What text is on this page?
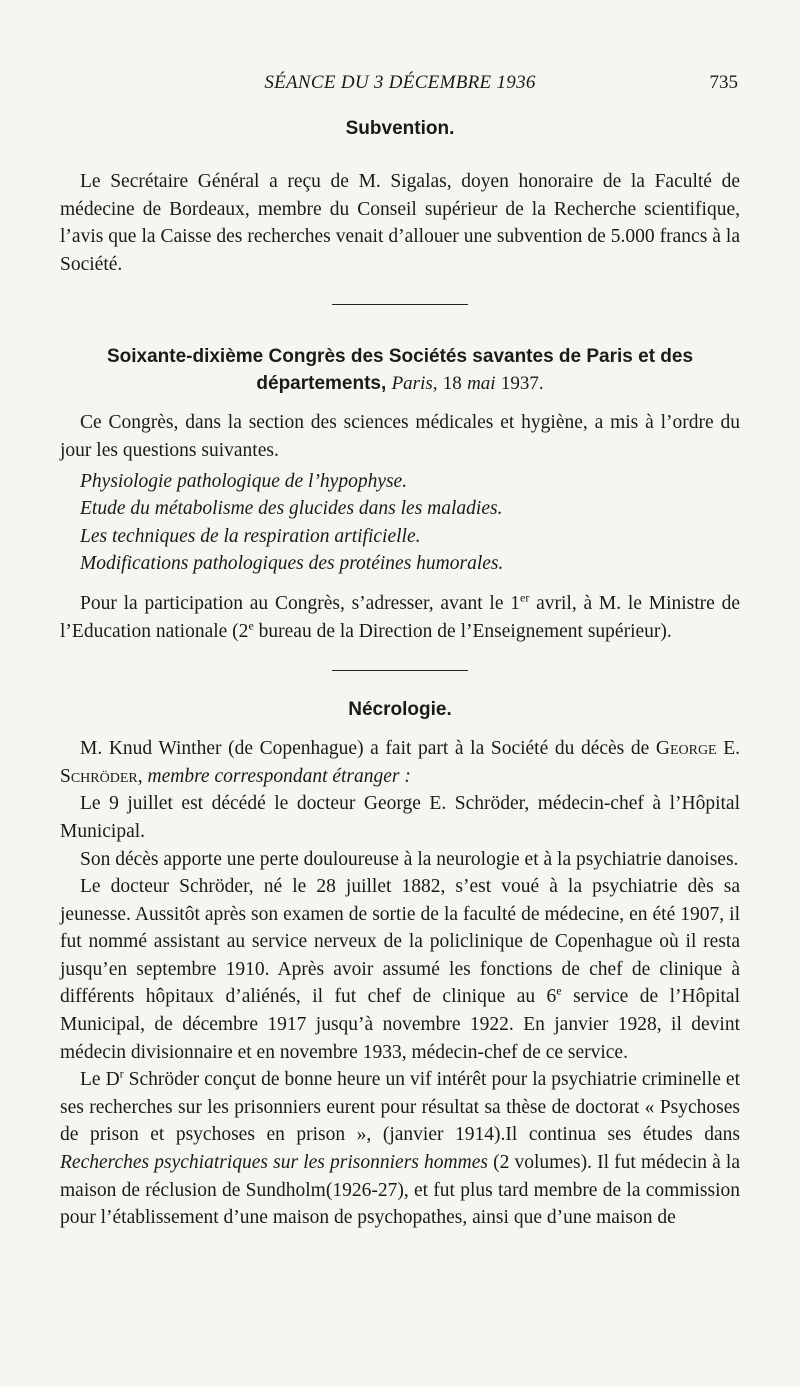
SÉANCE DU 3 DÉCEMBRE 1936	735
Subvention.

Le Secrétaire Général a reçu de M. Sigalas, doyen honoraire de la Faculté de médecine de Bordeaux, membre du Conseil supérieur de la Recherche scientifique, l’avis que la Caisse des recherches venait d’allouer une subvention de 5.000 francs à la Société.

Soixante-dixième Congrès des Sociétés savantes de Paris et des départements, Paris, 18 mai 1937.

Ce Congrès, dans la section des sciences médicales et hygiène, a mis à l’ordre du jour les questions suivantes.

Physiologie pathologique de l’hypophyse.
Etude du métabolisme des glucides dans les maladies.
Les techniques de la respiration artificielle.
Modifications pathologiques des protéines humorales.

Pour la participation au Congrès, s’adresser, avant le 1er avril, à M. le Ministre de l’Education nationale (2e bureau de la Direction de l’Enseignement supérieur).

Nécrologie.

M. Knud Winther (de Copenhague) a fait part à la Société du décès de George E. Schröder, membre correspondant étranger :

Le 9 juillet est décédé le docteur George E. Schröder, médecin-chef à l’Hôpital Municipal.

Son décès apporte une perte douloureuse à la neurologie et à la psychiatrie danoises.

Le docteur Schröder, né le 28 juillet 1882, s’est voué à la psychiatrie dès sa jeunesse. Aussitôt après son examen de sortie de la faculté de médecine, en été 1907, il fut nommé assistant au service nerveux de la policlinique de Copenhague où il resta jusqu’en septembre 1910. Après avoir assumé les fonctions de chef de clinique à différents hôpitaux d’aliénés, il fut chef de clinique au 6e service de l’Hôpital Municipal, de décembre 1917 jusqu’à novembre 1922. En janvier 1928, il devint médecin divisionnaire et en novembre 1933, médecin-chef de ce service.

Le $D^r$ Schröder conçut de bonne heure un vif intérêt pour la psychiatrie criminelle et ses recherches sur les prisonniers eurent pour résultat sa thèse de doctorat « Psychoses de prison et psychoses en prison », (janvier 1914).Il continua ses études dans Recherches psychiatriques sur les prisonniers hommes (2 volumes). Il fut médecin à la maison de réclusion de Sundholm(1926-27), et fut plus tard membre de la commission pour l’établissement d’une maison de psychopathes, ainsi que d’une maison de
